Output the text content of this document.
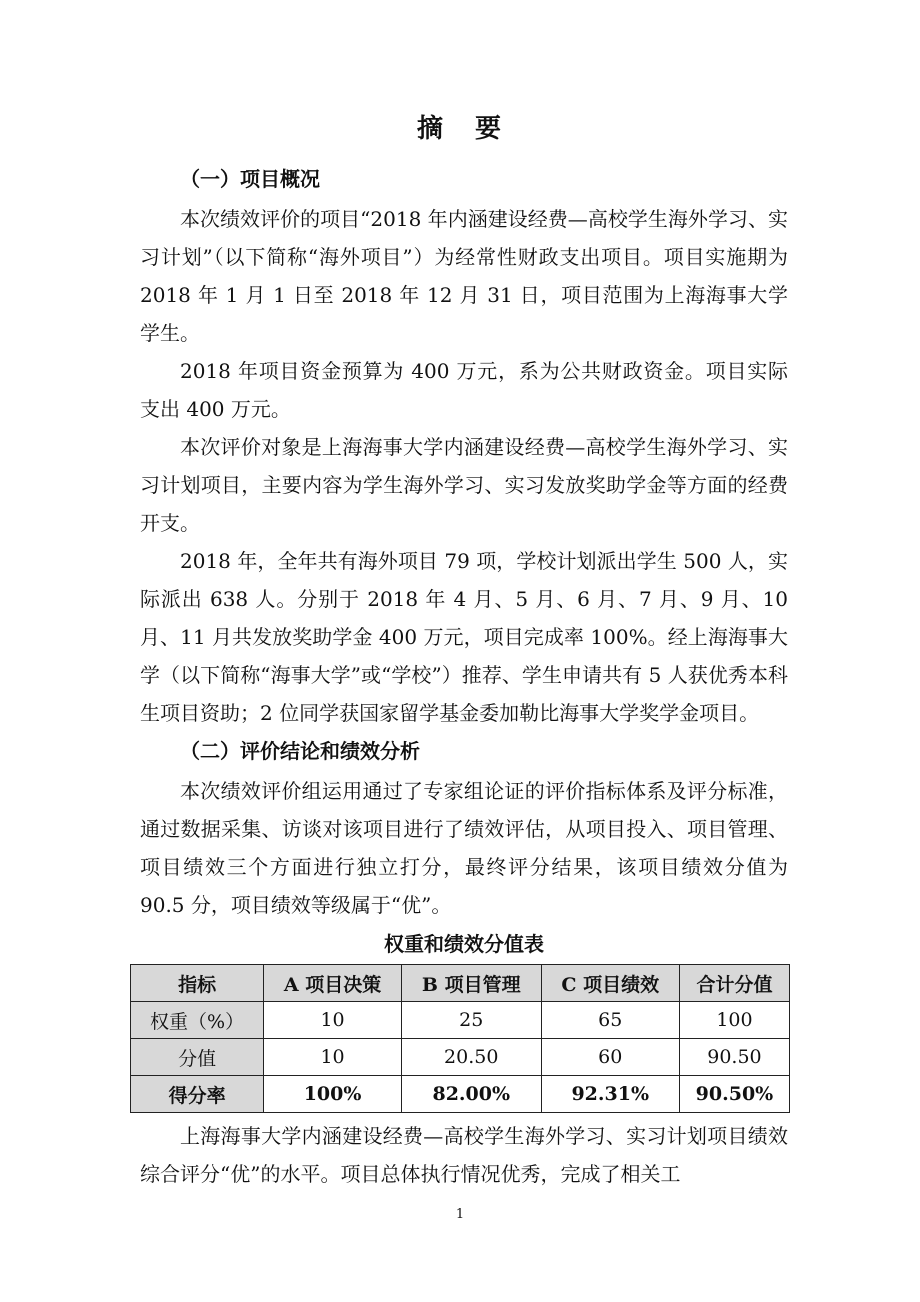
摘 要
（一）项目概况

本次绩效评价的项目“2018 年内涵建设经费—高校学生海外学习、实习计划”（以下简称“海外项目”）为经常性财政支出项目。项目实施期为 2018 年 1 月 1 日至 2018 年 12 月 31 日，项目范围为上海海事大学学生。

2018 年项目资金预算为 400 万元，系为公共财政资金。项目实际支出 400 万元。

本次评价对象是上海海事大学内涵建设经费—高校学生海外学习、实习计划项目，主要内容为学生海外学习、实习发放奖助学金等方面的经费开支。

2018 年，全年共有海外项目 79 项，学校计划派出学生 500 人，实际派出 638 人。分别于 2018 年 4 月、5 月、6 月、7 月、9 月、10 月、11 月共发放奖助学金 400 万元，项目完成率 100%。经上海海事大学（以下简称“海事大学”或“学校”）推荐、学生申请共有 5 人获优秀本科生项目资助；2 位同学获国家留学基金委加勒比海事大学奖学金项目。

（二）评价结论和绩效分析

本次绩效评价组运用通过了专家组论证的评价指标体系及评分标准，通过数据采集、访谈对该项目进行了绩效评估，从项目投入、项目管理、项目绩效三个方面进行独立打分，最终评分结果，该项目绩效分值为 90.5 分，项目绩效等级属于“优”。

权重和绩效分值表
指标	A 项目决策	B 项目管理	C 项目绩效	合计分值
权重（%）	10	25	65	100
分值	10	20.50	60	90.50
得分率	100%	82.00%	92.31%	90.50%

上海海事大学内涵建设经费—高校学生海外学习、实习计划项目绩效综合评分“优”的水平。项目总体执行情况优秀，完成了相关工

1
